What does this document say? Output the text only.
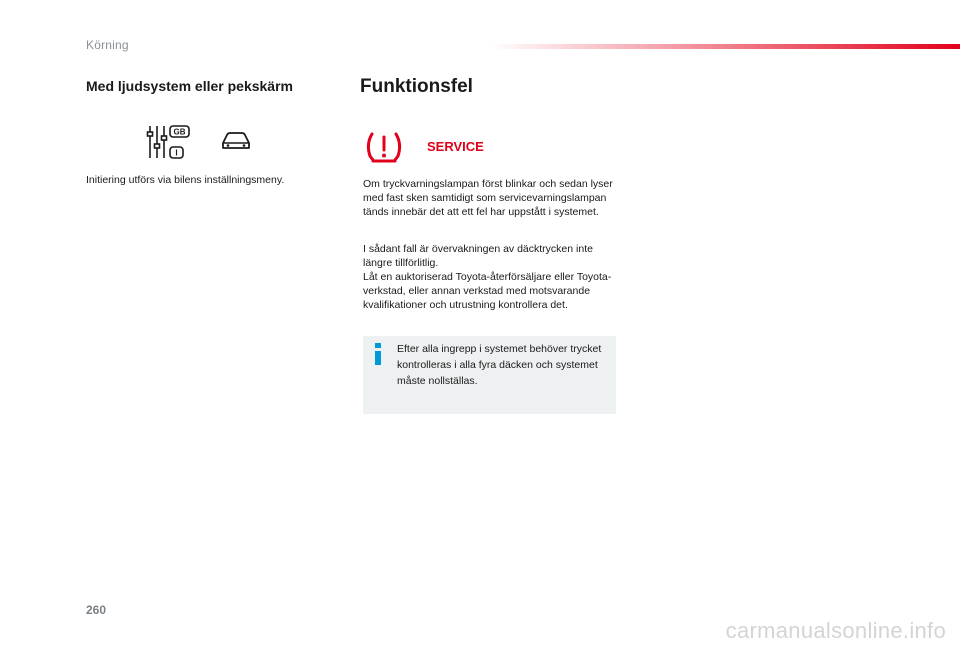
Körning
Med ljudsystem eller pekskärm
GB
I
Initiering utförs via bilens inställningsmeny.
Funktionsfel
SERVICE
Om tryckvarningslampan först blinkar och sedan lyser med fast sken samtidigt som servicevarningslampan tänds innebär det att ett fel har uppstått i systemet.
I sådant fall är övervakningen av däcktrycken inte längre tillförlitlig.
Låt en auktoriserad Toyota-återförsäljare eller Toyota-verkstad, eller annan verkstad med motsvarande kvalifikationer och utrustning kontrollera det.
Efter alla ingrepp i systemet behöver trycket kontrolleras i alla fyra däcken och systemet måste nollställas.
260
carmanualsonline.info
